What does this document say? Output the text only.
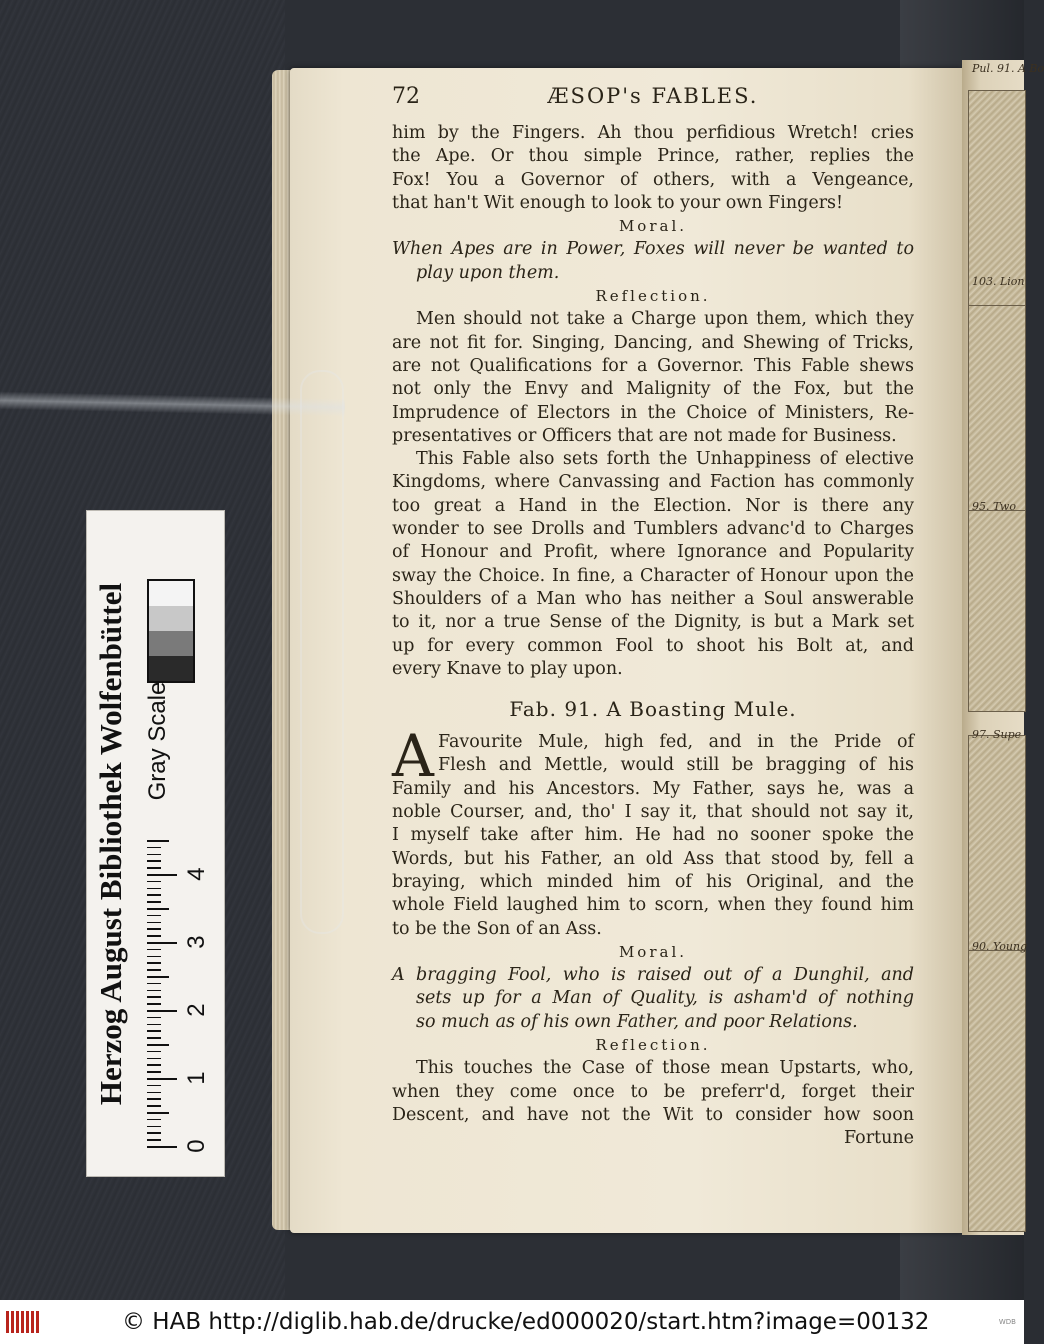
Pul. 91. A Bo
103. Lion
95. Two
97. Supe
90. Young
72	ÆSOP's FABLES.
him by the Fingers. Ah thou perfidious Wretch! cries
the Ape. Or thou simple Prince, rather, replies the
Fox! You a Governor of others, with a Vengeance,
that han't Wit enough to look to your own Fingers!
Moral.
When Apes are in Power, Foxes will never be wanted to
play upon them.
Reflection.
Men should not take a Charge upon them, which they
are not fit for. Singing, Dancing, and Shewing of Tricks,
are not Qualifications for a Governor. This Fable shews
not only the Envy and Malignity of the Fox, but the
Imprudence of Electors in the Choice of Ministers, Re-
presentatives or Officers that are not made for Business.
This Fable also sets forth the Unhappiness of elective
Kingdoms, where Canvassing and Faction has commonly
too great a Hand in the Election. Nor is there any
wonder to see Drolls and Tumblers advanc'd to Charges
of Honour and Profit, where Ignorance and Popularity
sway the Choice. In fine, a Character of Honour upon the
Shoulders of a Man who has neither a Soul answerable
to it, nor a true Sense of the Dignity, is but a Mark set
up for every common Fool to shoot his Bolt at, and
every Knave to play upon.
Fab. 91. A Boasting Mule.
A Favourite Mule, high fed, and in the Pride of
Flesh and Mettle, would still be bragging of his
Family and his Ancestors. My Father, says he, was a
noble Courser, and, tho' I say it, that should not say it,
I myself take after him. He had no sooner spoke the
Words, but his Father, an old Ass that stood by, fell a
braying, which minded him of his Original, and the
whole Field laughed him to scorn, when they found him
to be the Son of an Ass.
Moral.
A bragging Fool, who is raised out of a Dunghil, and
sets up for a Man of Quality, is asham'd of nothing
so much as of his own Father, and poor Relations.
Reflection.
This touches the Case of those mean Upstarts, who,
when they come once to be preferr'd, forget their
Descent, and have not the Wit to consider how soon
Fortune
Herzog August Bibliothek Wolfenbüttel Gray Scale
0
1
2
3
4
© HAB http://diglib.hab.de/drucke/ed000020/start.htm?image=00132	WDB
